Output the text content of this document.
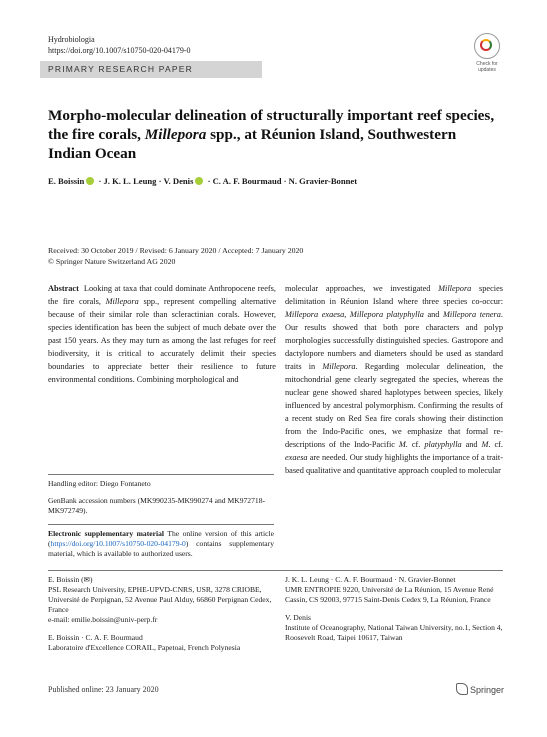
Hydrobiologia
https://doi.org/10.1007/s10750-020-04179-0
Check for
updates
PRIMARY RESEARCH PAPER
Morpho-molecular delineation of structurally important reef species, the fire corals, Millepora spp., at Réunion Island, Southwestern Indian Ocean
E. Boissin · J. K. L. Leung · V. Denis · C. A. F. Bourmaud · N. Gravier-Bonnet
Received: 30 October 2019 / Revised: 6 January 2020 / Accepted: 7 January 2020
© Springer Nature Switzerland AG 2020
Abstract Looking at taxa that could dominate Anthropocene reefs, the fire corals, Millepora spp., represent compelling alternative because of their similar role than scleractinian corals. However, species identification has been the subject of much debate over the past 150 years. As they may turn as among the last refuges for reef biodiversity, it is critical to accurately delimit their species boundaries to appreciate better their resilience to future environmental conditions. Combining morphological and
molecular approaches, we investigated Millepora species delimitation in Réunion Island where three species co-occur: Millepora exaesa, Millepora platyphylla and Millepora tenera. Our results showed that both pore characters and polyp morphologies successfully distinguished species. Gastropore and dactylopore numbers and diameters should be used as standard traits in Millepora. Regarding molecular delineation, the mitochondrial gene clearly segregated the species, whereas the nuclear gene showed shared haplotypes between species, likely influenced by ancestral polymorphism. Confirming the results of a recent study on Red Sea fire corals showing their distinction from the Indo-Pacific ones, we emphasize that formal re-descriptions of the Indo-Pacific M. cf. platyphylla and M. cf. exaesa are needed. Our study highlights the importance of a trait-based qualitative and quantitative approach coupled to molecular
Handling editor: Diego Fontaneto
GenBank accession numbers (MK990235-MK990274 and MK972718-MK972749).
Electronic supplementary material The online version of this article (https://doi.org/10.1007/s10750-020-04179-0) contains supplementary material, which is available to authorized users.
E. Boissin (✉)
PSL Research University, EPHE-UPVD-CNRS, USR, 3278 CRIOBE, Université de Perpignan, 52 Avenue Paul Alduy, 66860 Perpignan Cedex, France
e-mail: emilie.boissin@univ-perp.fr
E. Boissin · C. A. F. Bourmaud
Laboratoire d'Excellence CORAIL, Papetoai, French Polynesia
J. K. L. Leung · C. A. F. Bourmaud · N. Gravier-Bonnet
UMR ENTROPIE 9220, Université de La Réunion, 15 Avenue René Cassin, CS 92003, 97715 Saint-Denis Cedex 9, La Réunion, France
V. Denis
Institute of Oceanography, National Taiwan University, no.1, Section 4, Roosevelt Road, Taipei 10617, Taiwan
Published online: 23 January 2020	Springer
